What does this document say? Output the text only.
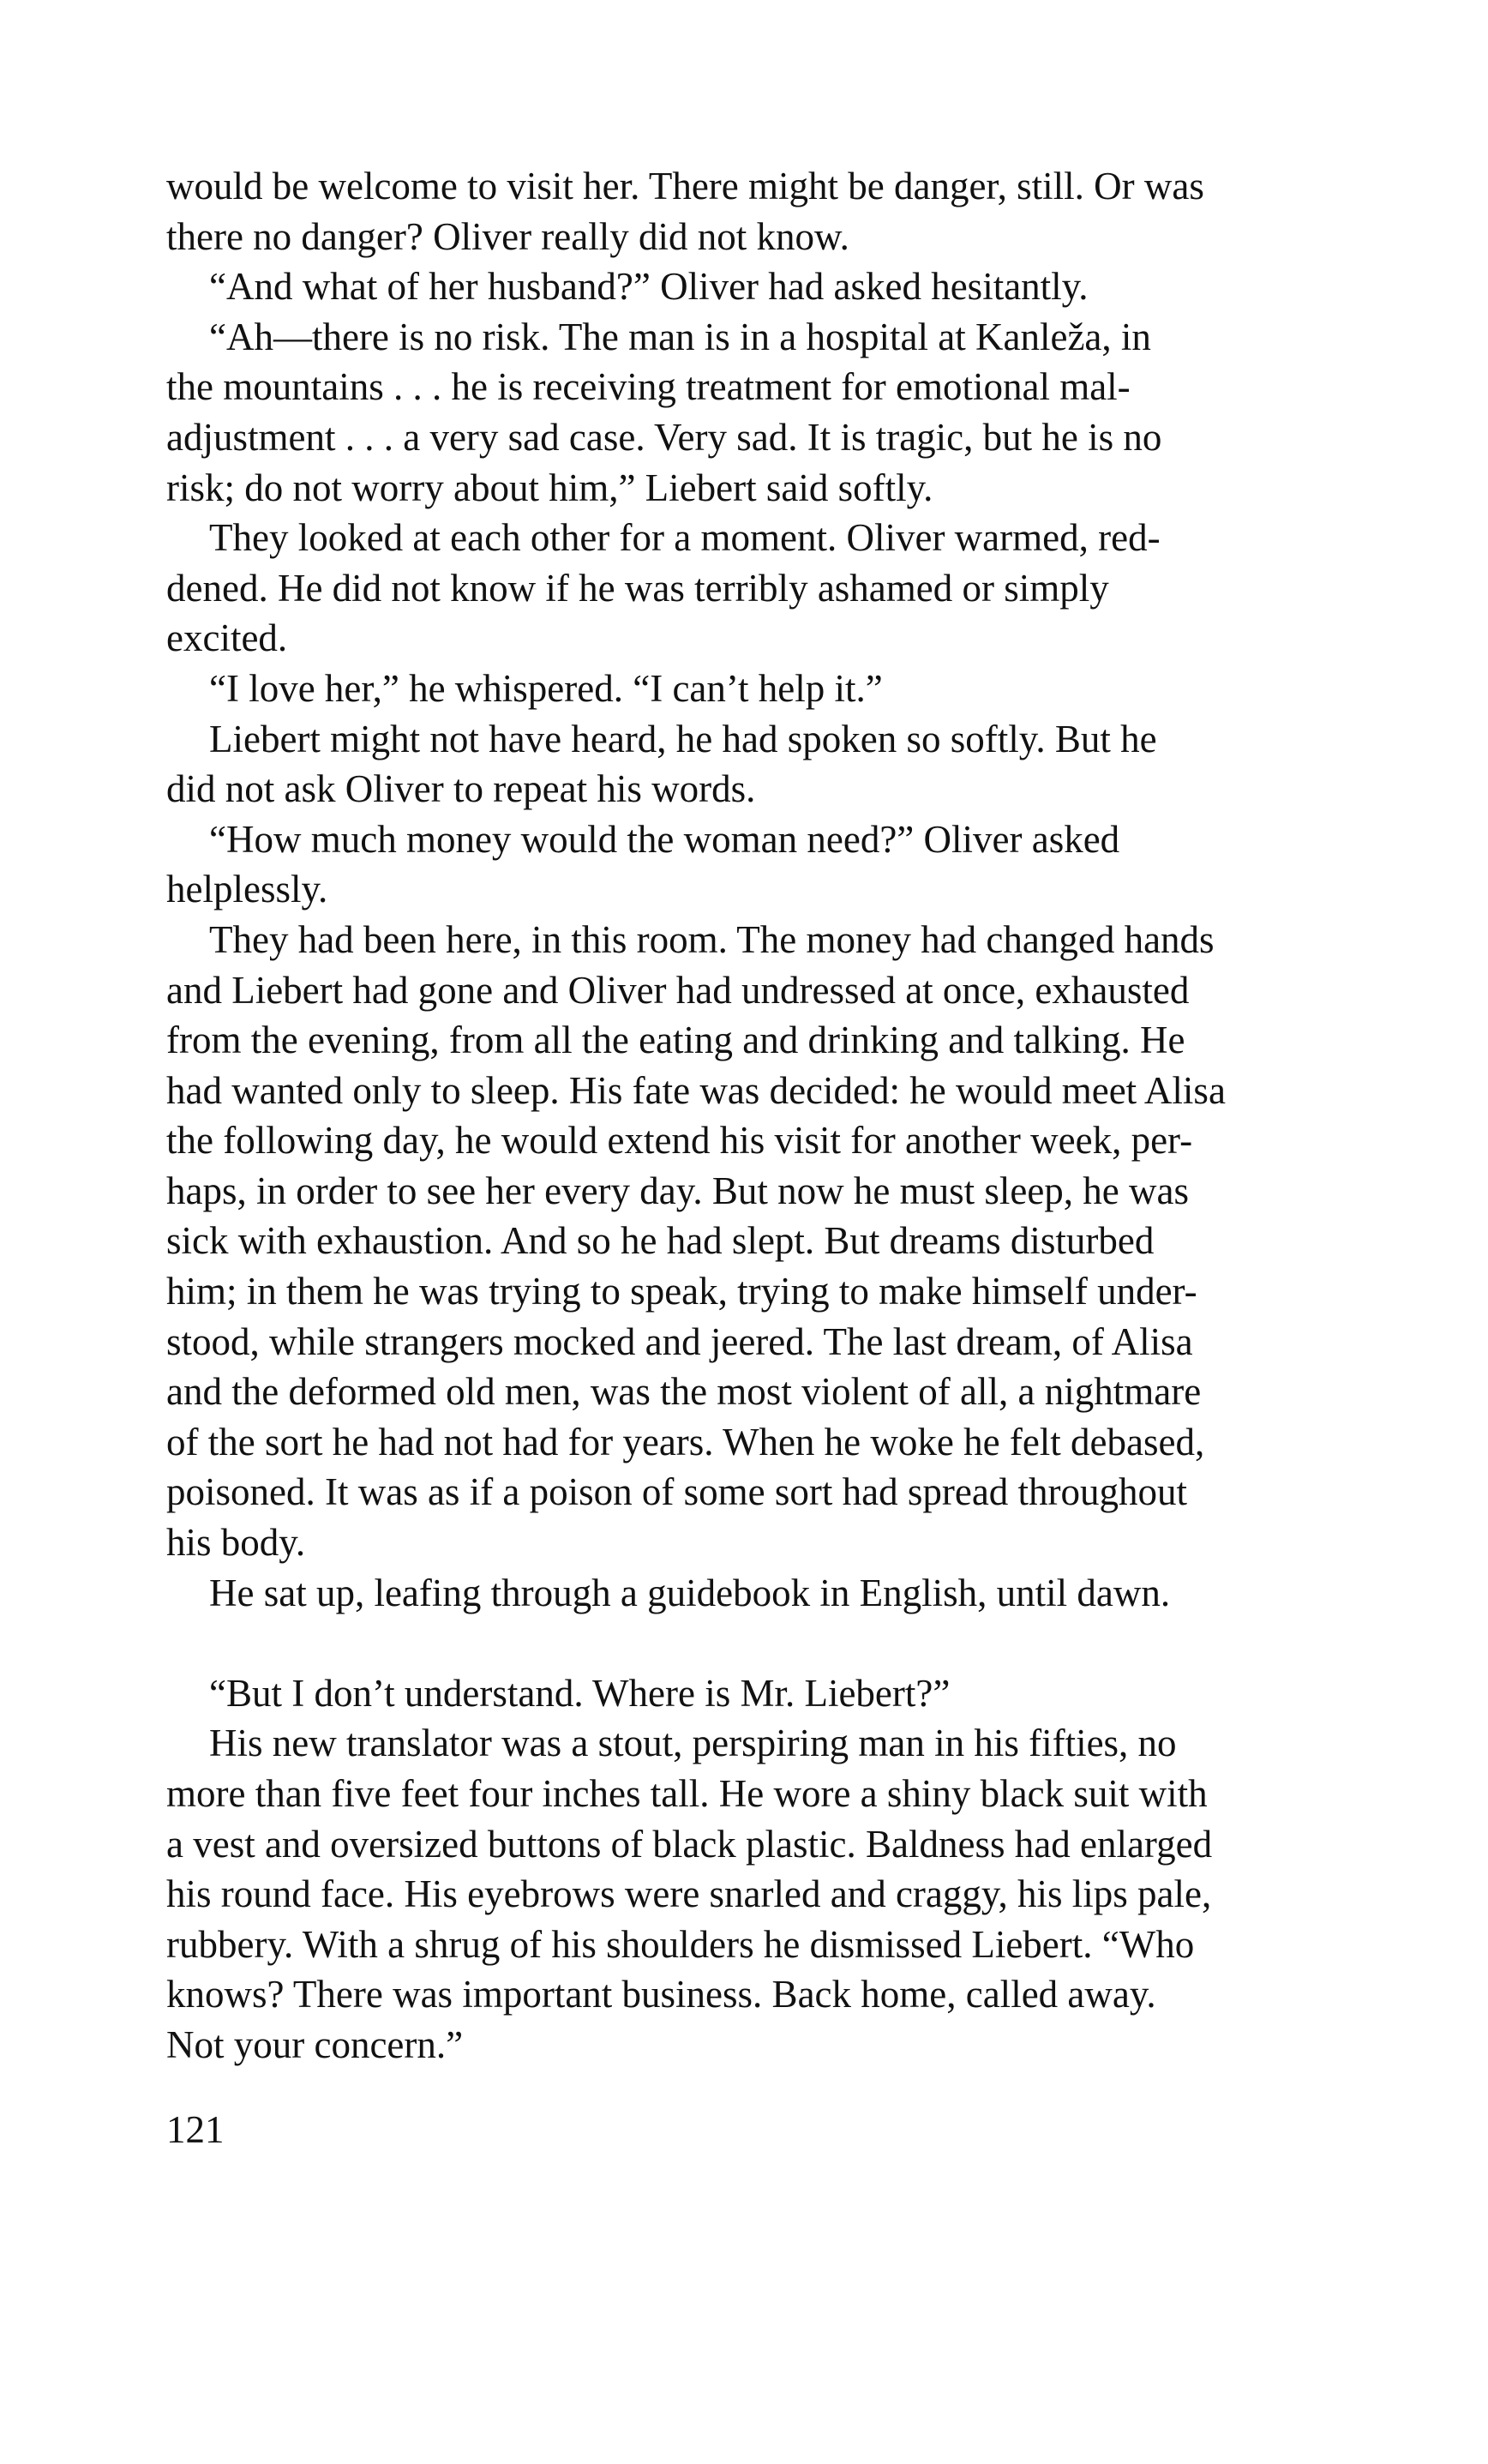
would be welcome to visit her. There might be danger, still. Or was
there no danger? Oliver really did not know.
“And what of her husband?” Oliver had asked hesitantly.
“Ah—there is no risk. The man is in a hospital at Kanleža, in
the mountains . . . he is receiving treatment for emotional mal-
adjustment . . . a very sad case. Very sad. It is tragic, but he is no
risk; do not worry about him,” Liebert said softly.
They looked at each other for a moment. Oliver warmed, red-
dened. He did not know if he was terribly ashamed or simply
excited.
“I love her,” he whispered. “I can’t help it.”
Liebert might not have heard, he had spoken so softly. But he
did not ask Oliver to repeat his words.
“How much money would the woman need?” Oliver asked
helplessly.
They had been here, in this room. The money had changed hands
and Liebert had gone and Oliver had undressed at once, exhausted
from the evening, from all the eating and drinking and talking. He
had wanted only to sleep. His fate was decided: he would meet Alisa
the following day, he would extend his visit for another week, per-
haps, in order to see her every day. But now he must sleep, he was
sick with exhaustion. And so he had slept. But dreams disturbed
him; in them he was trying to speak, trying to make himself under-
stood, while strangers mocked and jeered. The last dream, of Alisa
and the deformed old men, was the most violent of all, a nightmare
of the sort he had not had for years. When he woke he felt debased,
poisoned. It was as if a poison of some sort had spread throughout
his body.
He sat up, leafing through a guidebook in English, until dawn.
“But I don’t understand. Where is Mr. Liebert?”
His new translator was a stout, perspiring man in his fifties, no
more than five feet four inches tall. He wore a shiny black suit with
a vest and oversized buttons of black plastic. Baldness had enlarged
his round face. His eyebrows were snarled and craggy, his lips pale,
rubbery. With a shrug of his shoulders he dismissed Liebert. “Who
knows? There was important business. Back home, called away.
Not your concern.”
121
